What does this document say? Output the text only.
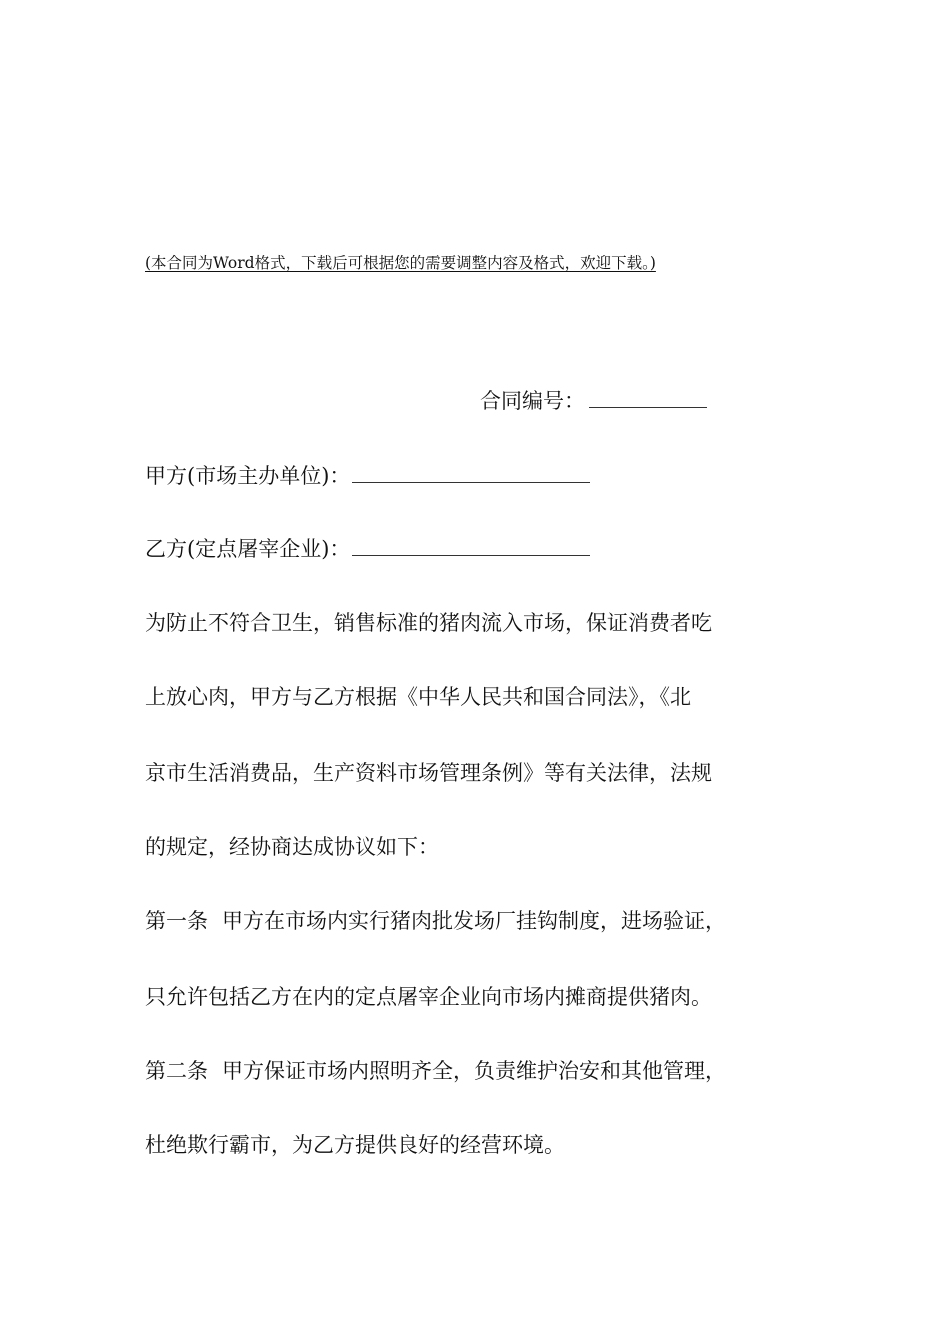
(本合同为Word格式，下载后可根据您的需要调整内容及格式，欢迎下载。)
合同编号：
甲方(市场主办单位)：
乙方(定点屠宰企业)：
为防止不符合卫生，销售标准的猪肉流入市场，保证消费者吃
上放心肉，甲方与乙方根据《中华人民共和国合同法》，《北
京市生活消费品，生产资料市场管理条例》等有关法律，法规
的规定，经协商达成协议如下：
第一条 甲方在市场内实行猪肉批发场厂挂钩制度，进场验证，
只允许包括乙方在内的定点屠宰企业向市场内摊商提供猪肉。
第二条 甲方保证市场内照明齐全，负责维护治安和其他管理，
杜绝欺行霸市，为乙方提供良好的经营环境。
